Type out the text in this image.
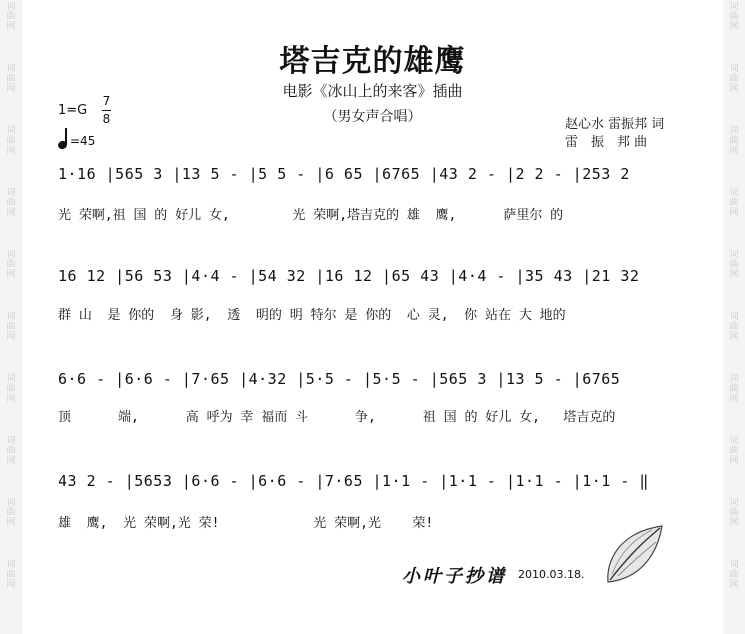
词
曲
网
词
曲
网
词
曲
网
词
曲
网
词
曲
网
词
曲
网
词
曲
网
词
曲
网
词
曲
网
词
曲
网
词
曲
网
词
曲
网
词
曲
网
词
曲
网
词
曲
网
词
曲
网
词
曲
网
词
曲
网
词
曲
网
词
曲
网
塔吉克的雄鹰
电影《冰山上的来客》插曲
（男女声合唱）	赵心水 雷振邦 词
雷　振　邦 曲
1=G
7
8
=45
1·16 |565 3 |13 5 - |5 5 - |6 65 |6765 |43 2 - |2 2 - |253 2
光 荣啊,祖 国 的 好儿 女,        光 荣啊,塔吉克的 雄  鹰,      萨里尔 的
16 12 |56 53 |4·4 - |54 32 |16 12 |65 43 |4·4 - |35 43 |21 32
群 山  是 你的  身 影,  透  明的 明 特尔 是 你的  心 灵,  你 站在 大 地的
6·6 - |6·6 - |7·65 |4·32 |5·5 - |5·5 - |565 3 |13 5 - |6765
顶      端,      高 呼为 幸 福而 斗      争,      祖 国 的 好儿 女,   塔吉克的
43 2 - |5653 |6·6 - |6·6 - |7·65 |1·1 - |1·1 - |1·1 - |1·1 - ‖
雄  鹰,  光 荣啊,光 荣!            光 荣啊,光    荣!
小叶子抄谱 2010.03.18.
